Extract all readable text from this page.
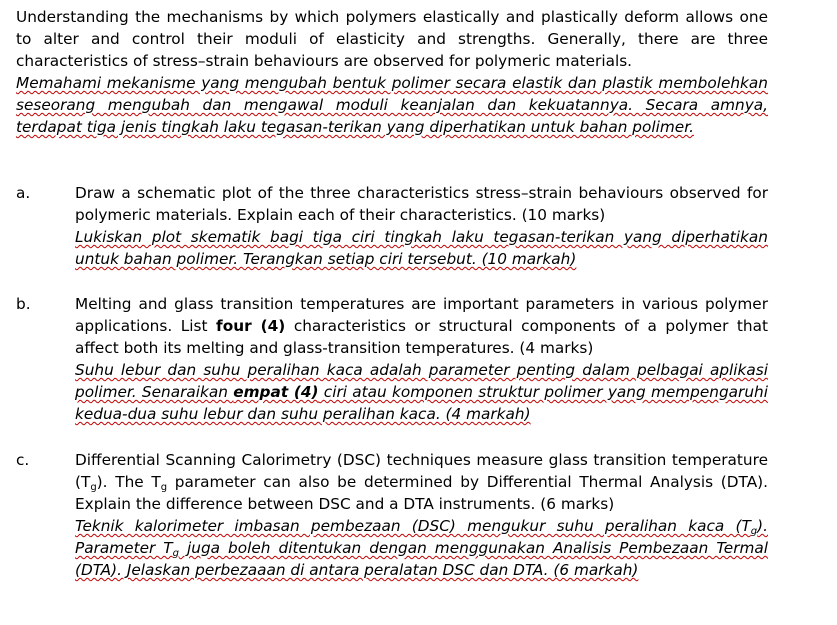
Understanding the mechanisms by which polymers elastically and plastically deform allows one to alter and control their moduli of elasticity and strengths. Generally, there are three characteristics of stress–strain behaviours are observed for polymeric materials.

Memahami mekanisme yang mengubah bentuk polimer secara elastik dan plastik membolehkan seseorang mengubah dan mengawal moduli keanjalan dan kekuatannya. Secara amnya, terdapat tiga jenis tingkah laku tegasan-terikan yang diperhatikan untuk bahan polimer.

a.	Draw a schematic plot of the three characteristics stress–strain behaviours observed for polymeric materials. Explain each of their characteristics. (10 marks)

Lukiskan plot skematik bagi tiga ciri tingkah laku tegasan-terikan yang diperhatikan untuk bahan polimer. Terangkan setiap ciri tersebut. (10 markah)

b.	Melting and glass transition temperatures are important parameters in various polymer applications. List four (4) characteristics or structural components of a polymer that affect both its melting and glass-transition temperatures. (4 marks)

Suhu lebur dan suhu peralihan kaca adalah parameter penting dalam pelbagai aplikasi polimer. Senaraikan empat (4) ciri atau komponen struktur polimer yang mempengaruhi kedua-dua suhu lebur dan suhu peralihan kaca. (4 markah)

c.	Differential Scanning Calorimetry (DSC) techniques measure glass transition temperature $(T_g)$. The $T_g$ parameter can also be determined by Differential Thermal Analysis (DTA). Explain the difference between DSC and a DTA instruments. (6 marks)

Teknik kalorimeter imbasan pembezaan (DSC) mengukur suhu peralihan kaca $(T_g)$. Parameter $T_g$ juga boleh ditentukan dengan menggunakan Analisis Pembezaan Termal (DTA). Jelaskan perbezaaan di antara peralatan DSC dan DTA. (6 markah)
